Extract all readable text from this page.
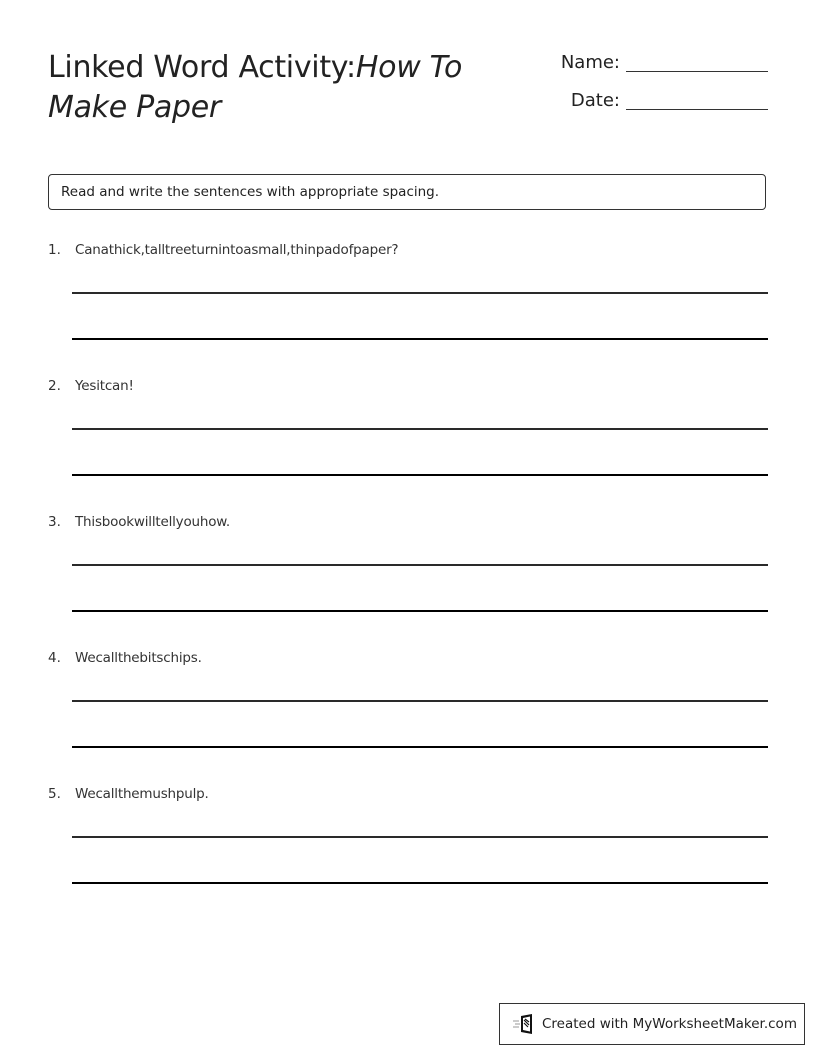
Linked Word Activity:How To Make Paper
Name:
Date:
Read and write the sentences with appropriate spacing.
1. Canathick,talltreeturnintoasmall,thinpadofpaper?
2. Yesitcan!
3. Thisbookwilltellyouhow.
4. Wecallthebitschips.
5. Wecallthemushpulp.
Created with MyWorksheetMaker.com
